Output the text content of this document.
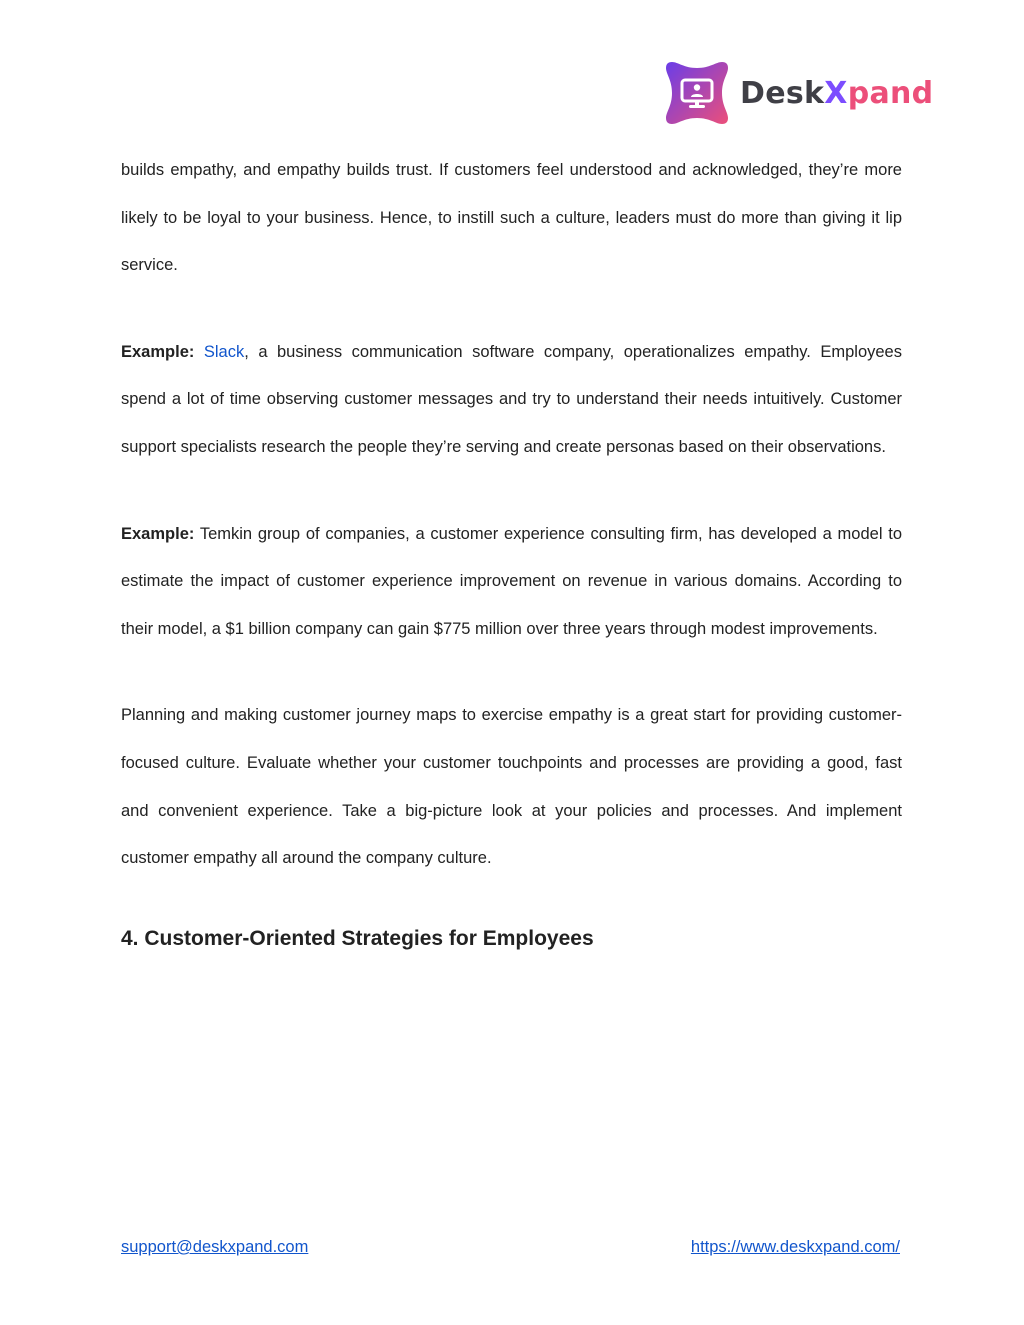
DeskXpand

builds empathy, and empathy builds trust. If customers feel understood and acknowledged, they’re more likely to be loyal to your business. Hence, to instill such a culture, leaders must do more than giving it lip service.

Example: Slack, a business communication software company, operationalizes empathy. Employees spend a lot of time observing customer messages and try to understand their needs intuitively. Customer support specialists research the people they’re serving and create personas based on their observations.

Example: Temkin group of companies, a customer experience consulting firm, has developed a model to estimate the impact of customer experience improvement on revenue in various domains. According to their model, a $1 billion company can gain $775 million over three years through modest improvements.

Planning and making customer journey maps to exercise empathy is a great start for providing customer-focused culture. Evaluate whether your customer touchpoints and processes are providing a good, fast and convenient experience. Take a big-picture look at your policies and processes. And implement customer empathy all around the company culture.

4. Customer-Oriented Strategies for Employees
support@deskxpand.com	https://www.deskxpand.com/
